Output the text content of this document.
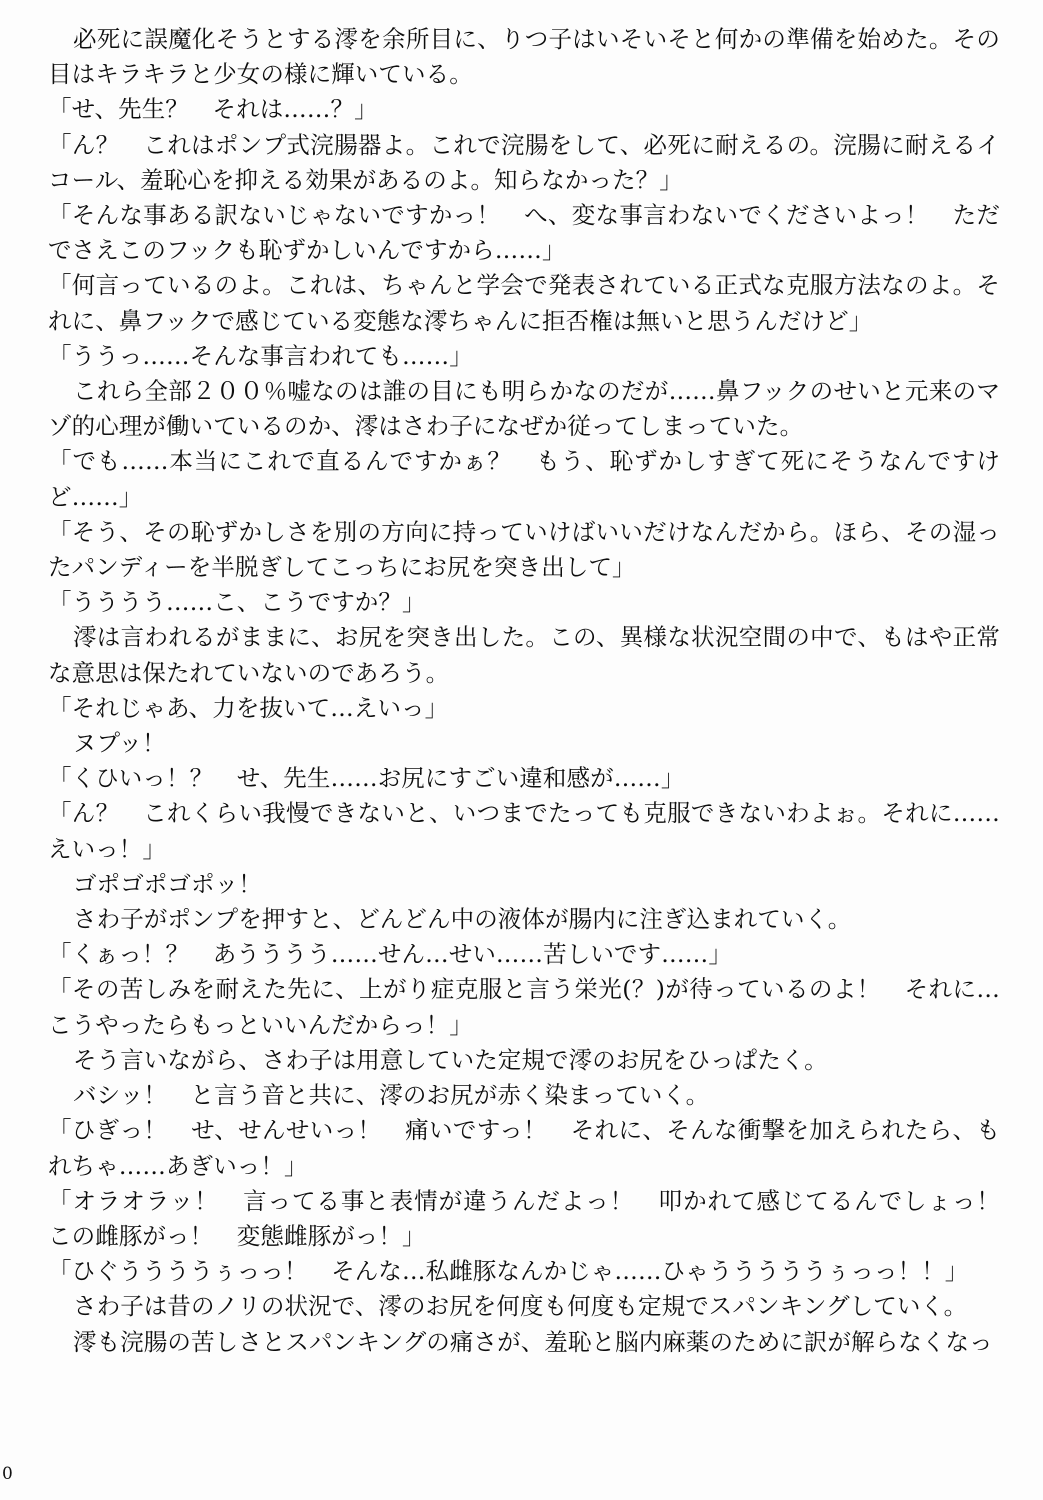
必死に誤魔化そうとする澪を余所目に、りつ子はいそいそと何かの準備を始めた。その目はキラキラと少女の様に輝いている。

「せ、先生？　それは……？」

「ん？　これはポンプ式浣腸器よ。これで浣腸をして、必死に耐えるの。浣腸に耐えるイコール、羞恥心を抑える効果があるのよ。知らなかった？」

「そんな事ある訳ないじゃないですかっ！　へ、変な事言わないでくださいよっ！　ただでさえこのフックも恥ずかしいんですから……」

「何言っているのよ。これは、ちゃんと学会で発表されている正式な克服方法なのよ。それに、鼻フックで感じている変態な澪ちゃんに拒否権は無いと思うんだけど」

「ううっ……そんな事言われても……」

これら全部２００％嘘なのは誰の目にも明らかなのだが……鼻フックのせいと元来のマゾ的心理が働いているのか、澪はさわ子になぜか従ってしまっていた。

「でも……本当にこれで直るんですかぁ？　もう、恥ずかしすぎて死にそうなんですけど……」

「そう、その恥ずかしさを別の方向に持っていけばいいだけなんだから。ほら、その湿ったパンディーを半脱ぎしてこっちにお尻を突き出して」

「うううう……こ、こうですか？」

澪は言われるがままに、お尻を突き出した。この、異様な状況空間の中で、もはや正常な意思は保たれていないのであろう。

「それじゃあ、力を抜いて…えいっ」

ヌプッ！

「くひいっ！？　せ、先生……お尻にすごい違和感が……」

「ん？　これくらい我慢できないと、いつまでたっても克服できないわよぉ。それに……えいっ！」

ゴポゴポゴポッ！

さわ子がポンプを押すと、どんどん中の液体が腸内に注ぎ込まれていく。

「くぁっ！？　あうううう……せん…せい……苦しいです……」

「その苦しみを耐えた先に、上がり症克服と言う栄光(？)が待っているのよ！　それに…こうやったらもっといいんだからっ！」

そう言いながら、さわ子は用意していた定規で澪のお尻をひっぱたく。

バシッ！　と言う音と共に、澪のお尻が赤く染まっていく。

「ひぎっ！　せ、せんせいっ！　痛いですっ！　それに、そんな衝撃を加えられたら、もれちゃ……あぎいっ！」

「オラオラッ！　言ってる事と表情が違うんだよっ！　叩かれて感じてるんでしょっ！　この雌豚がっ！　変態雌豚がっ！」

「ひぐううううぅっっ！　そんな…私雌豚なんかじゃ……ひゃうううううぅっっ！！」

さわ子は昔のノリの状況で、澪のお尻を何度も何度も定規でスパンキングしていく。

澪も浣腸の苦しさとスパンキングの痛さが、羞恥と脳内麻薬のために訳が解らなくなっ

0
